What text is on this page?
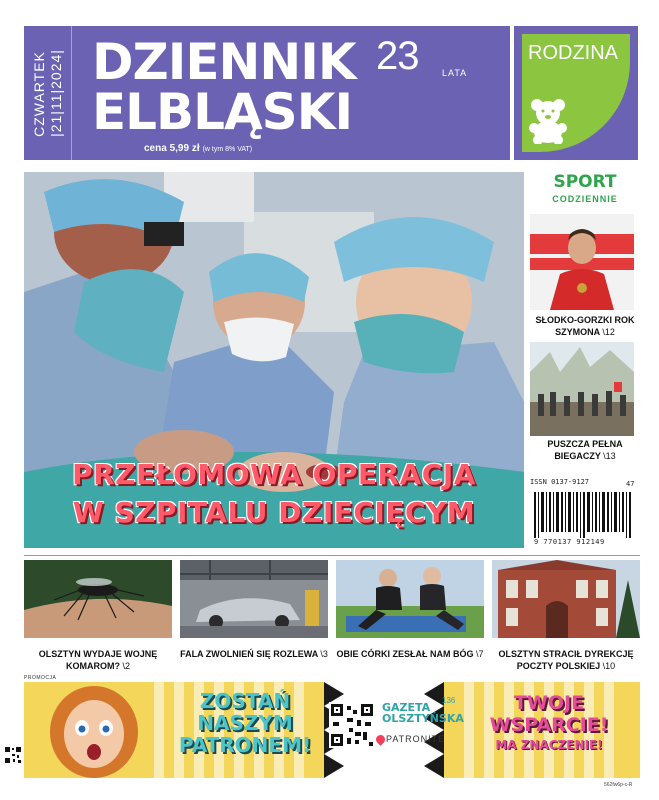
CZWARTEK |21|11|2024| DZIENNIK
ELBLĄSKI
23	LATA
cena 5,99 zł (w tym 8% VAT)
RODZINA
PRZEŁOMOWA OPERACJA
W SZPITALU DZIECIĘCYM
SPORT
CODZIENNIE
SŁODKO-GORZKI ROK
SZYMONA \12
PUSZCZA PEŁNA
BIEGACZY \13
ISSN 0137-9127	47
9 770137 912149
OLSZTYN WYDAJE WOJNĘ
KOMAROM? \2
FALA ZWOLNIEŃ SIĘ ROZLEWA \3 OBIE CÓRKI ZESŁAŁ NAM BÓG \7	OLSZTYN STRACIŁ DYREKCJĘ
POCZTY POLSKIEJ \10
PROMOCJA
ZOSTAŃ
NASZYM
PATRONEM!
GAZETA
OLSZTYŃSKA
136
PATRONITE
TWOJE
WSPARCIE!
MA ZNACZENIE!
562fw6p-c-R
